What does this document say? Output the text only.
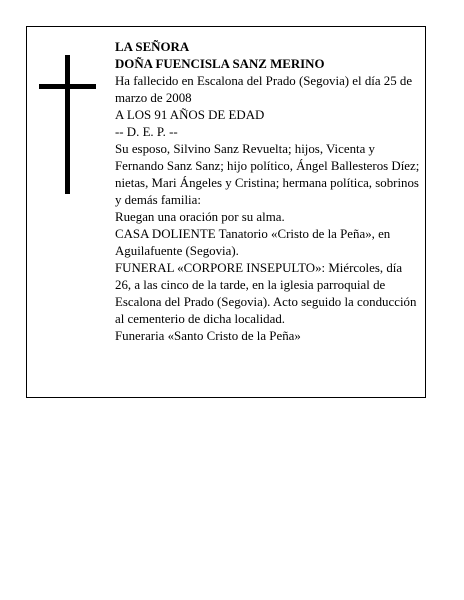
LA SEÑORA

DOÑA FUENCISLA SANZ MERINO

Ha fallecido en Escalona del Prado (Segovia) el día 25 de marzo de 2008

A LOS 91 AÑOS DE EDAD

-- D. E. P. --

Su esposo, Silvino Sanz Revuelta; hijos, Vicenta y Fernando Sanz Sanz; hijo político, Ángel Ballesteros Díez; nietas, Mari Ángeles y Cristina; hermana política, sobrinos y demás familia:

Ruegan una oración por su alma.

CASA DOLIENTE Tanatorio «Cristo de la Peña», en Aguilafuente (Segovia).

FUNERAL «CORPORE INSEPULTO»: Miércoles, día 26, a las cinco de la tarde, en la iglesia parroquial de Escalona del Prado (Segovia). Acto seguido la conducción al cementerio de dicha localidad.

Funeraria «Santo Cristo de la Peña»
